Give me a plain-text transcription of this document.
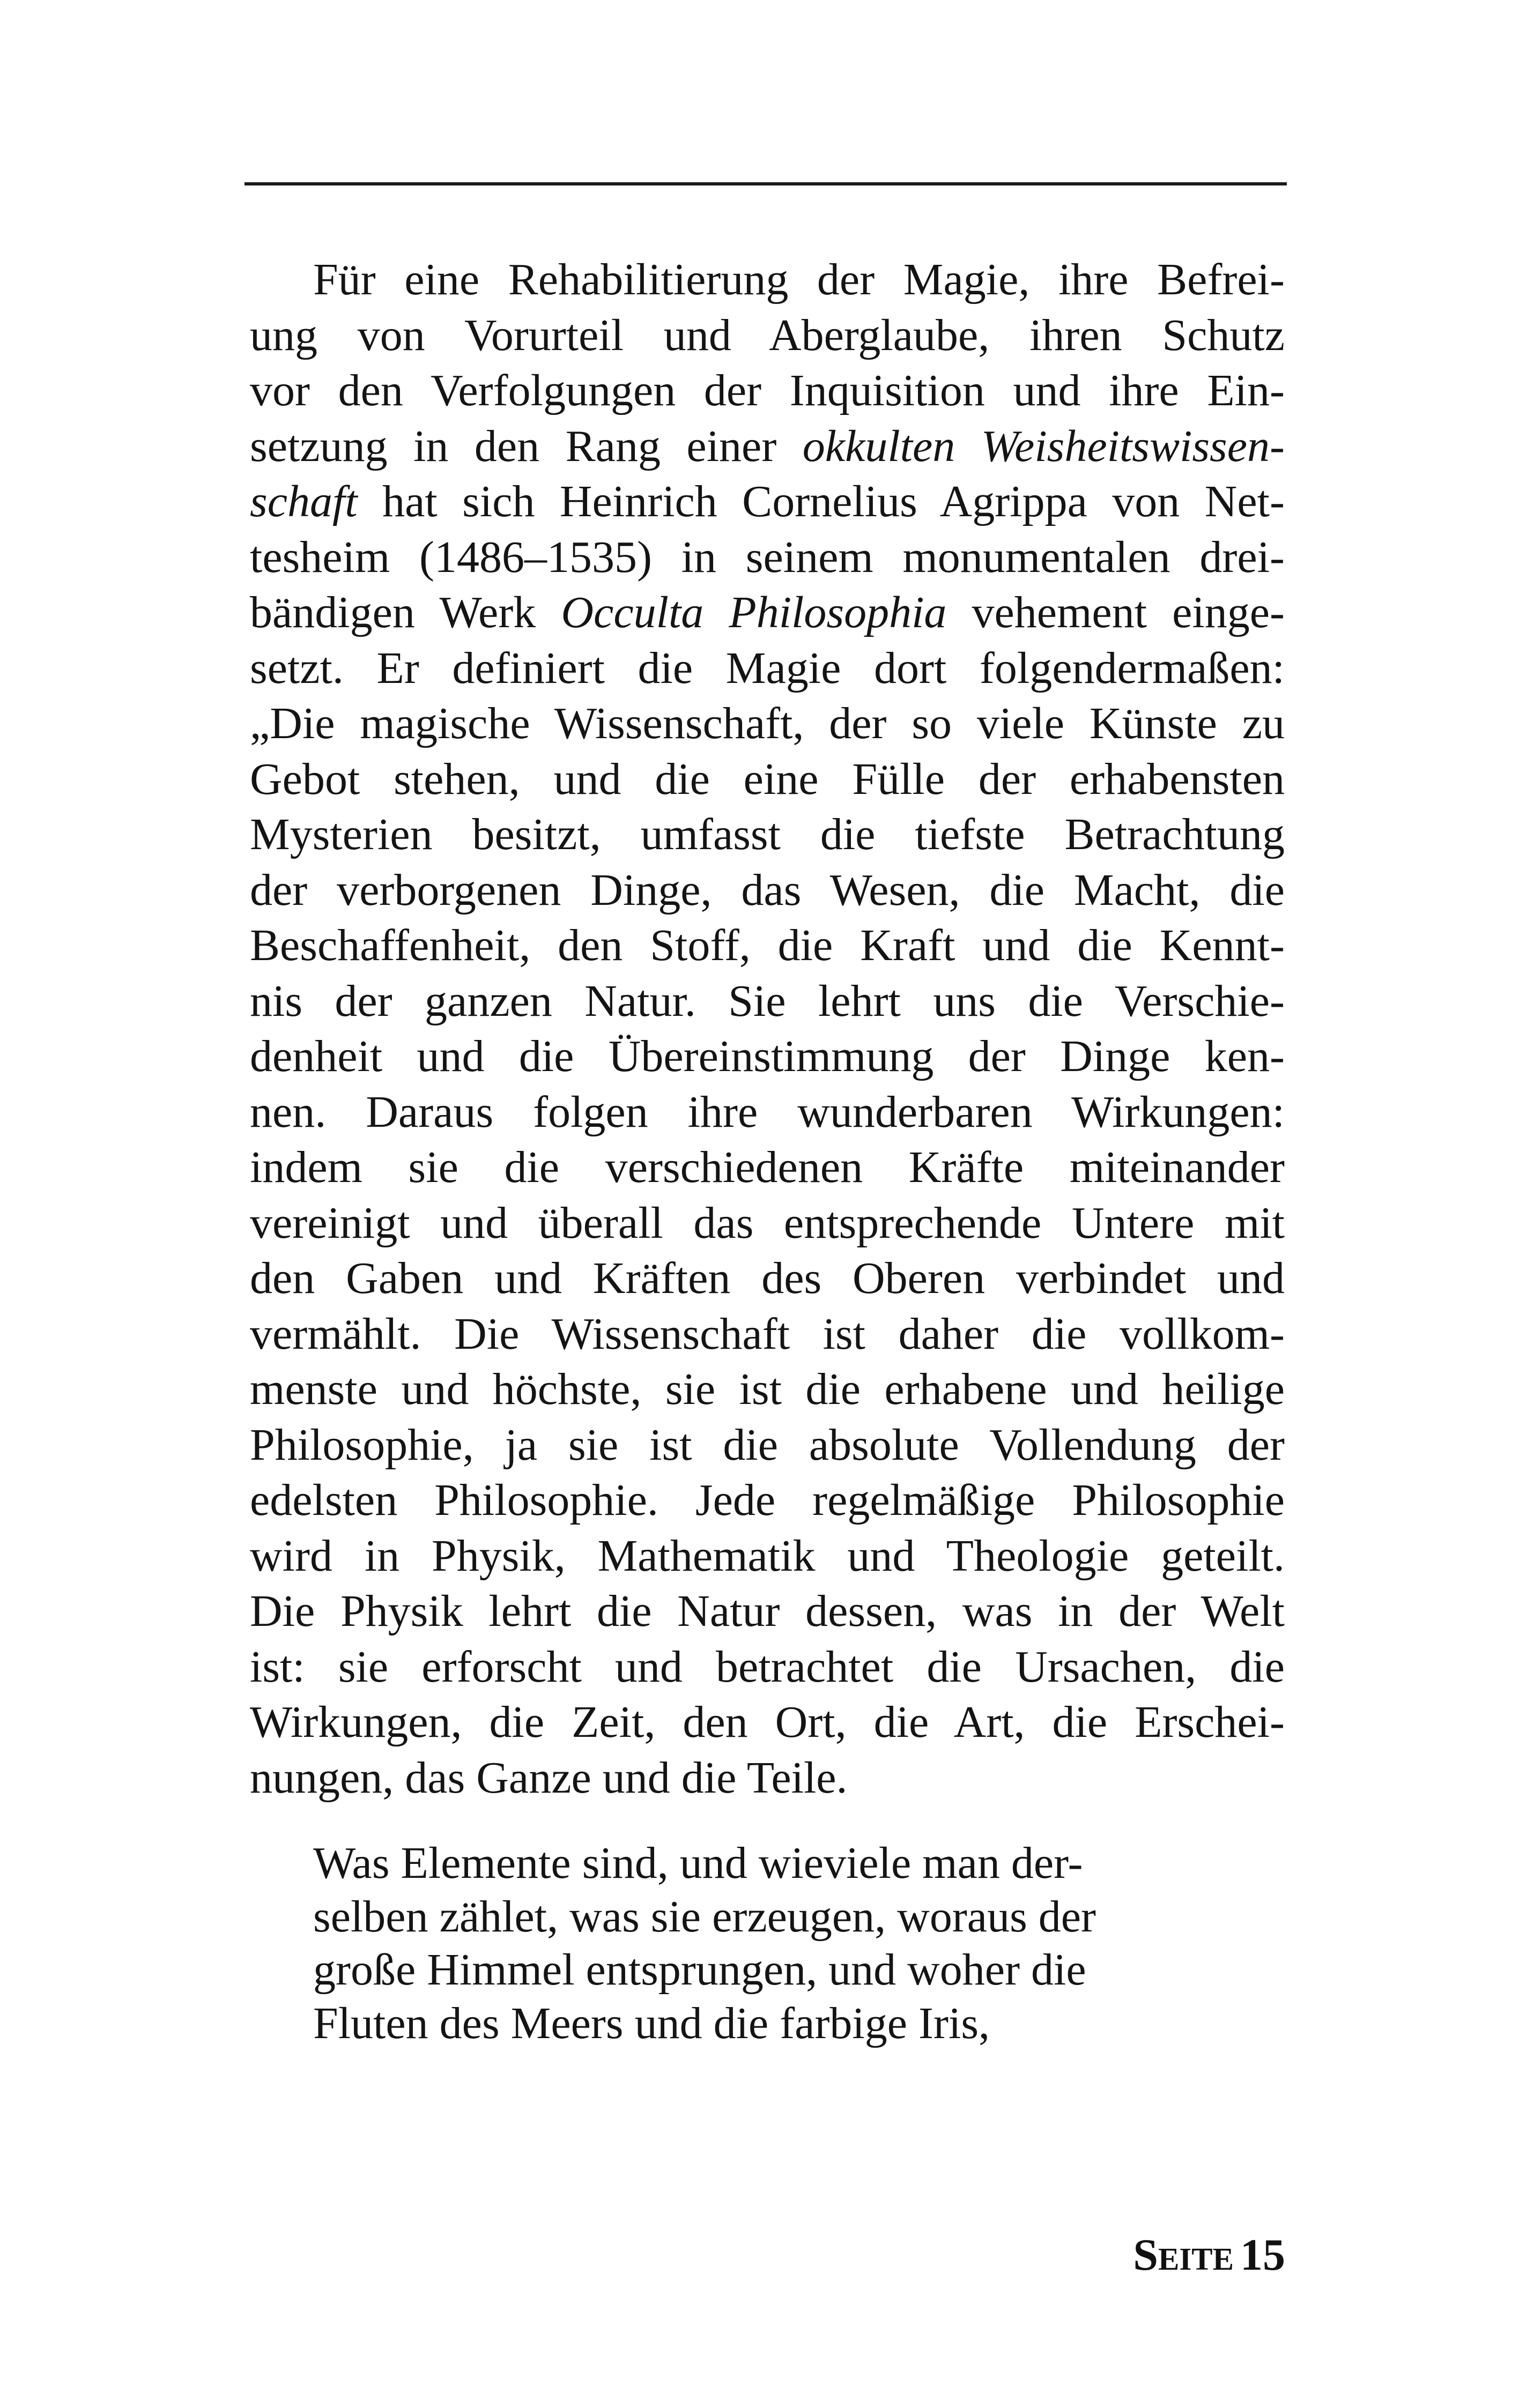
Für eine Rehabilitierung der Magie, ihre Befrei-
ung von Vorurteil und Aberglaube, ihren Schutz
vor den Verfolgungen der Inquisition und ihre Ein-
setzung in den Rang einer okkulten Weisheitswissen-
schaft hat sich Heinrich Cornelius Agrippa von Net-
tesheim (1486–1535) in seinem monumentalen drei-
bändigen Werk Occulta Philosophia vehement einge-
setzt. Er definiert die Magie dort folgendermaßen:
„Die magische Wissenschaft, der so viele Künste zu
Gebot stehen, und die eine Fülle der erhabensten
Mysterien besitzt, umfasst die tiefste Betrachtung
der verborgenen Dinge, das Wesen, die Macht, die
Beschaffenheit, den Stoff, die Kraft und die Kennt-
nis der ganzen Natur. Sie lehrt uns die Verschie-
denheit und die Übereinstimmung der Dinge ken-
nen. Daraus folgen ihre wunderbaren Wirkungen:
indem sie die verschiedenen Kräfte miteinander
vereinigt und überall das entsprechende Untere mit
den Gaben und Kräften des Oberen verbindet und
vermählt. Die Wissenschaft ist daher die vollkom-
menste und höchste, sie ist die erhabene und heilige
Philosophie, ja sie ist die absolute Vollendung der
edelsten Philosophie. Jede regelmäßige Philosophie
wird in Physik, Mathematik und Theologie geteilt.
Die Physik lehrt die Natur dessen, was in der Welt
ist: sie erforscht und betrachtet die Ursachen, die
Wirkungen, die Zeit, den Ort, die Art, die Erschei-
nungen, das Ganze und die Teile.
Was Elemente sind, und wieviele man der-
selben zählet, was sie erzeugen, woraus der
große Himmel entsprungen, und woher die
Fluten des Meers und die farbige Iris,
Seite 15
